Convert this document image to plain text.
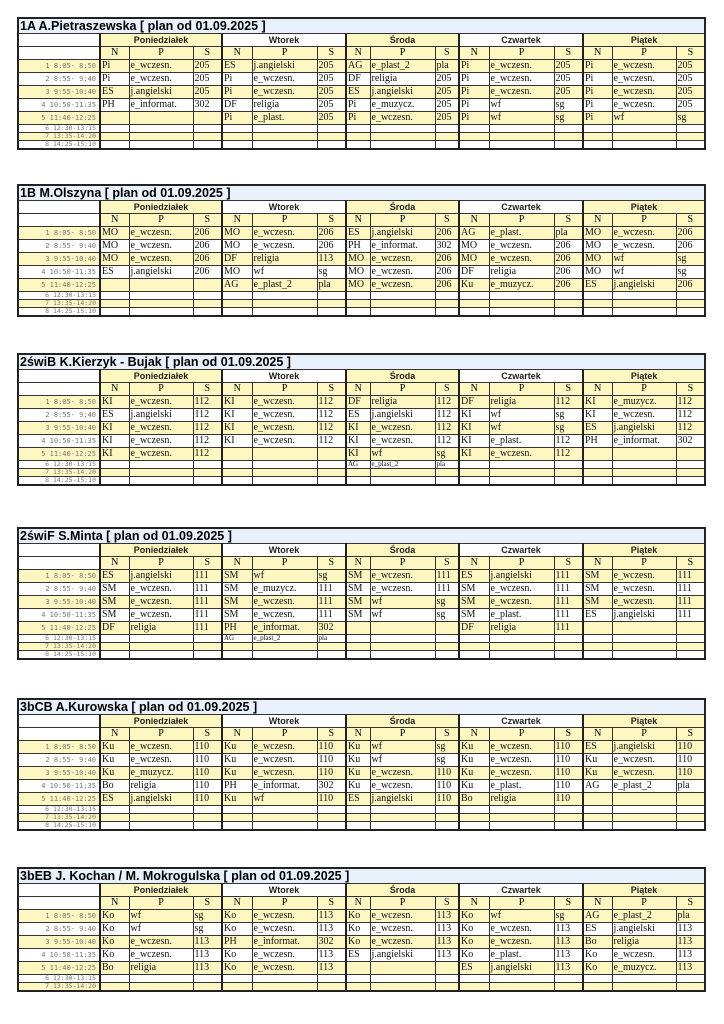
1A A.Pietraszewska [ plan od 01.09.2025 ]															
	Poniedziałek			Wtorek			Środa			Czwartek			Piątek		
	N	P	S	N	P	S	N	P	S	N	P	S	N	P	S
1 8:05- 8:50	Pi	e_wczesn.	205	ES	j.angielski	205	AG	e_plast_2	pla	Pi	e_wczesn.	205	Pi	e_wczesn.	205
2 8:55- 9:40	Pi	e_wczesn.	205	Pi	e_wczesn.	205	DF	religia	205	Pi	e_wczesn.	205	Pi	e_wczesn.	205
3 9:55-10:40	ES	j.angielski	205	Pi	e_wczesn.	205	ES	j.angielski	205	Pi	e_wczesn.	205	Pi	e_wczesn.	205
4 10:50-11:35	PH	e_informat.	302	DF	religia	205	Pi	e_muzycz.	205	Pi	wf	sg	Pi	e_wczesn.	205
5 11:40-12:25				Pi	e_plast.	205	Pi	e_wczesn.	205	Pi	wf	sg	Pi	wf	sg
6 12:30-13:15															
7 13:35-14:20															
8 14:25-15:10															
1B M.Olszyna [ plan od 01.09.2025 ]															
	Poniedziałek			Wtorek			Środa			Czwartek			Piątek		
	N	P	S	N	P	S	N	P	S	N	P	S	N	P	S
1 8:05- 8:50	MO	e_wczesn.	206	MO	e_wczesn.	206	ES	j.angielski	206	AG	e_plast.	pla	MO	e_wczesn.	206
2 8:55- 9:40	MO	e_wczesn.	206	MO	e_wczesn.	206	PH	e_informat.	302	MO	e_wczesn.	206	MO	e_wczesn.	206
3 9:55-10:40	MO	e_wczesn.	206	DF	religia	113	MO	e_wczesn.	206	MO	e_wczesn.	206	MO	wf	sg
4 10:50-11:35	ES	j.angielski	206	MO	wf	sg	MO	e_wczesn.	206	DF	religia	206	MO	wf	sg
5 11:40-12:25				AG	e_plast_2	pla	MO	e_wczesn.	206	Ku	e_muzycz.	206	ES	j.angielski	206
6 12:30-13:15															
7 13:35-14:20															
8 14:25-15:10															
2świB K.Kierzyk - Bujak [ plan od 01.09.2025 ]															
	Poniedziałek			Wtorek			Środa			Czwartek			Piątek		
	N	P	S	N	P	S	N	P	S	N	P	S	N	P	S
1 8:05- 8:50	KI	e_wczesn.	112	KI	e_wczesn.	112	DF	religia	112	DF	religia	112	KI	e_muzycz.	112
2 8:55- 9:40	ES	j.angielski	112	KI	e_wczesn.	112	ES	j.angielski	112	KI	wf	sg	KI	e_wczesn.	112
3 9:55-10:40	KI	e_wczesn.	112	KI	e_wczesn.	112	KI	e_wczesn.	112	KI	wf	sg	ES	j.angielski	112
4 10:50-11:35	KI	e_wczesn.	112	KI	e_wczesn.	112	KI	e_wczesn.	112	KI	e_plast.	112	PH	e_informat.	302
5 11:40-12:25	KI	e_wczesn.	112				KI	wf	sg	KI	e_wczesn.	112			
6 12:30-13:15							AG	e_plast_2	pla						
7 13:35-14:20															
8 14:25-15:10															
2świF S.Minta [ plan od 01.09.2025 ]															
	Poniedziałek			Wtorek			Środa			Czwartek			Piątek		
	N	P	S	N	P	S	N	P	S	N	P	S	N	P	S
1 8:05- 8:50	ES	j.angielski	111	SM	wf	sg	SM	e_wczesn.	111	ES	j.angielski	111	SM	e_wczesn.	111
2 8:55- 9:40	SM	e_wczesn.	111	SM	e_muzycz.	111	SM	e_wczesn.	111	SM	e_wczesn.	111	SM	e_wczesn.	111
3 9:55-10:40	SM	e_wczesn.	111	SM	e_wczesn.	111	SM	wf	sg	SM	e_wczesn.	111	SM	e_wczesn.	111
4 10:50-11:35	SM	e_wczesn.	111	SM	e_wczesn.	111	SM	wf	sg	SM	e_plast.	111	ES	j.angielski	111
5 11:40-12:25	DF	religia	111	PH	e_informat.	302				DF	religia	111			
6 12:30-13:15				AG	e_plast_2	pla									
7 13:35-14:20															
8 14:25-15:10															
3bCB A.Kurowska [ plan od 01.09.2025 ]															
	Poniedziałek			Wtorek			Środa			Czwartek			Piątek		
	N	P	S	N	P	S	N	P	S	N	P	S	N	P	S
1 8:05- 8:50	Ku	e_wczesn.	110	Ku	e_wczesn.	110	Ku	wf	sg	Ku	e_wczesn.	110	ES	j.angielski	110
2 8:55- 9:40	Ku	e_wczesn.	110	Ku	e_wczesn.	110	Ku	wf	sg	Ku	e_wczesn.	110	Ku	e_wczesn.	110
3 9:55-10:40	Ku	e_muzycz.	110	Ku	e_wczesn.	110	Ku	e_wczesn.	110	Ku	e_wczesn.	110	Ku	e_wczesn.	110
4 10:50-11:35	Bo	religia	110	PH	e_informat.	302	Ku	e_wczesn.	110	Ku	e_plast.	110	AG	e_plast_2	pla
5 11:40-12:25	ES	j.angielski	110	Ku	wf	110	ES	j.angielski	110	Bo	religia	110			
6 12:30-13:15															
7 13:35-14:20															
8 14:25-15:10															
3bEB J. Kochan / M. Mokrogulska [ plan od 01.09.2025 ]															
	Poniedziałek			Wtorek			Środa			Czwartek			Piątek		
	N	P	S	N	P	S	N	P	S	N	P	S	N	P	S
1 8:05- 8:50	Ko	wf	sg	Ko	e_wczesn.	113	Ko	e_wczesn.	113	Ko	wf	sg	AG	e_plast_2	pla
2 8:55- 9:40	Ko	wf	sg	Ko	e_wczesn.	113	Ko	e_wczesn.	113	Ko	e_wczesn.	113	ES	j.angielski	113
3 9:55-10:40	Ko	e_wczesn.	113	PH	e_informat.	302	Ko	e_wczesn.	113	Ko	e_wczesn.	113	Bo	religia	113
4 10:50-11:35	Ko	e_wczesn.	113	Ko	e_wczesn.	113	ES	j.angielski	113	Ko	e_plast.	113	Ko	e_wczesn.	113
5 11:40-12:25	Bo	religia	113	Ko	e_wczesn.	113				ES	j.angielski	113	Ko	e_muzycz.	113
6 12:30-13:15															
7 13:35-14:20															
